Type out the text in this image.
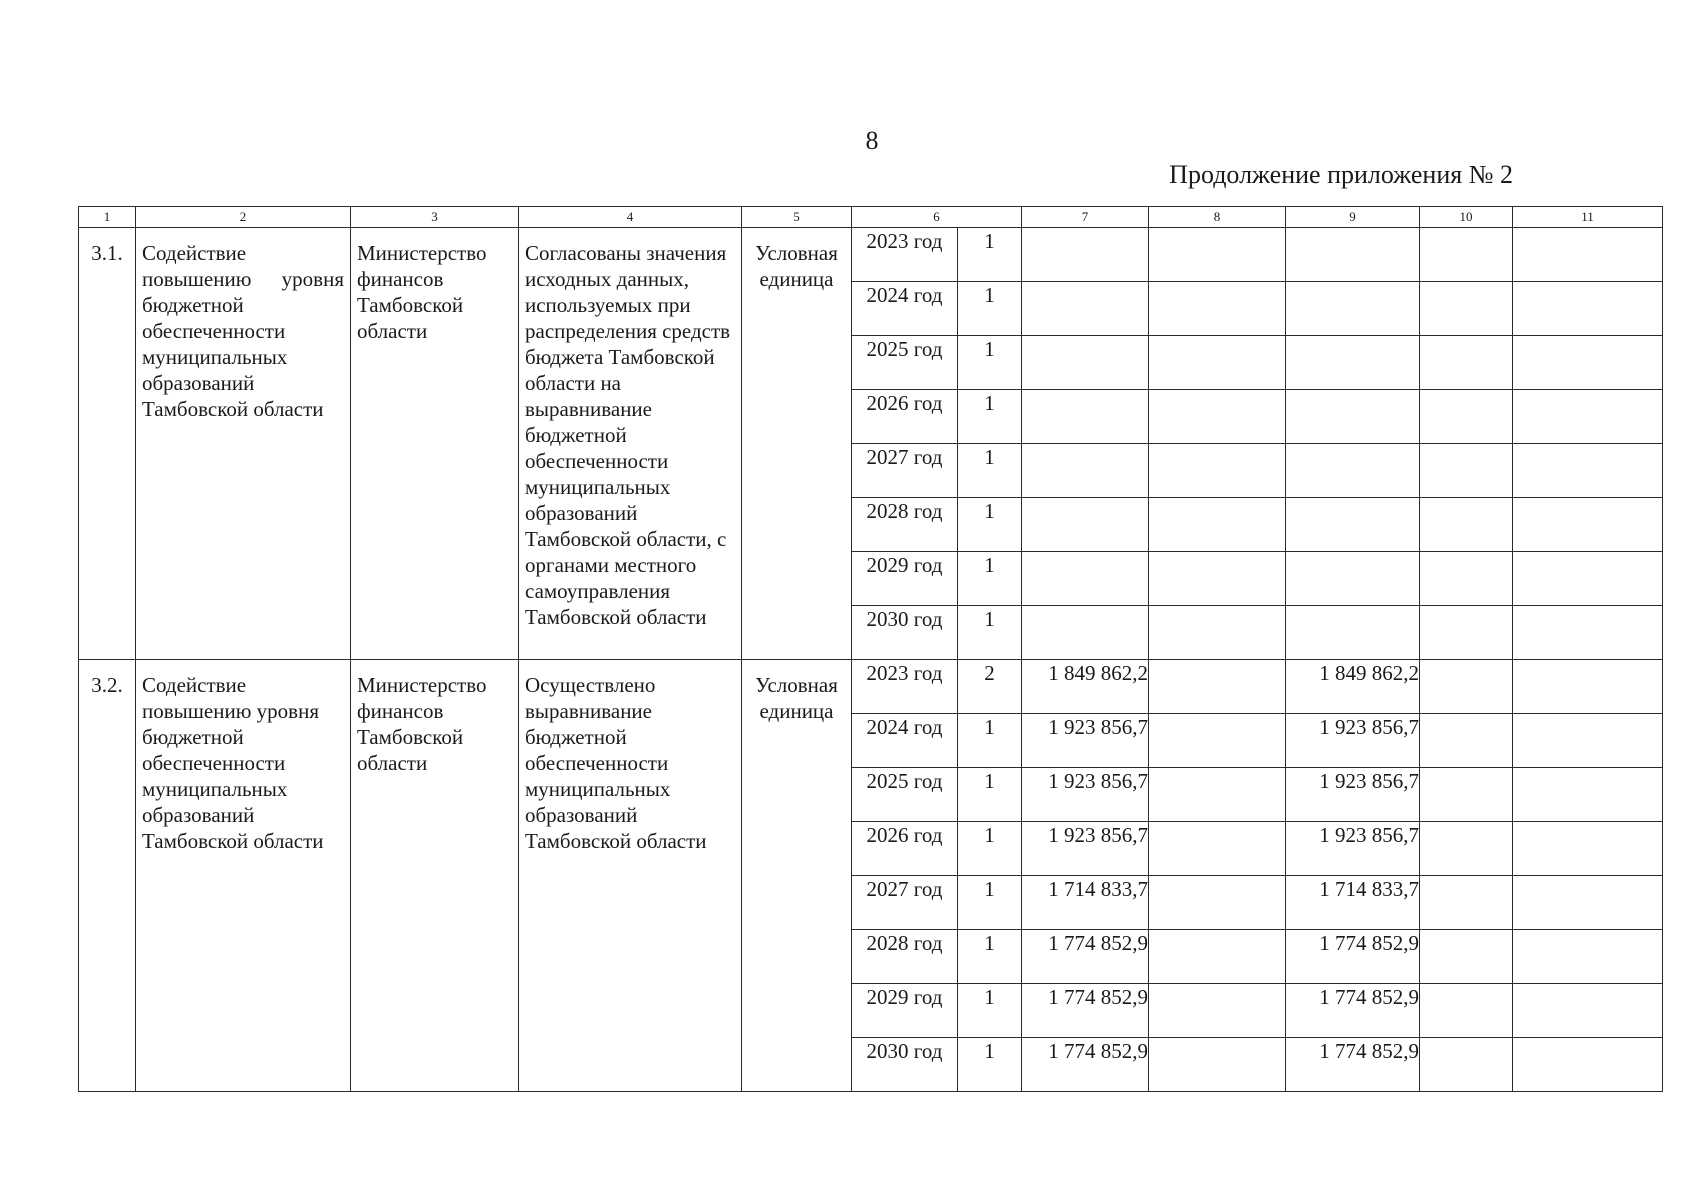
8
Продолжение приложения № 2
1	2	3	4	5	6		7	8	9	10	11

3.1.	Содействие повышению уровня бюджетной обеспеченности муниципальных образований Тамбовской области	Министерство финансов Тамбовской области	Согласованы значения исходных данных, используемых при распределения средств бюджета Тамбовской области на выравнивание бюджетной обеспеченности муниципальных образований Тамбовской области, с органами местного самоуправления Тамбовской области	Условная единица	2023 год	1					
					2024 год	1					
					2025 год	1					
					2026 год	1					
					2027 год	1					
					2028 год	1					
					2029 год	1					
					2030 год	1					

3.2.	Содействие повышению уровня бюджетной обеспеченности муниципальных образований Тамбовской области	Министерство финансов Тамбовской области	Осуществлено выравнивание бюджетной обеспеченности муниципальных образований Тамбовской области	Условная единица	2023 год	2	1 849 862,2		1 849 862,2		
					2024 год	1	1 923 856,7		1 923 856,7		
					2025 год	1	1 923 856,7		1 923 856,7		
					2026 год	1	1 923 856,7		1 923 856,7		
					2027 год	1	1 714 833,7		1 714 833,7		
					2028 год	1	1 774 852,9		1 774 852,9		
					2029 год	1	1 774 852,9		1 774 852,9		
					2030 год	1	1 774 852,9		1 774 852,9		
